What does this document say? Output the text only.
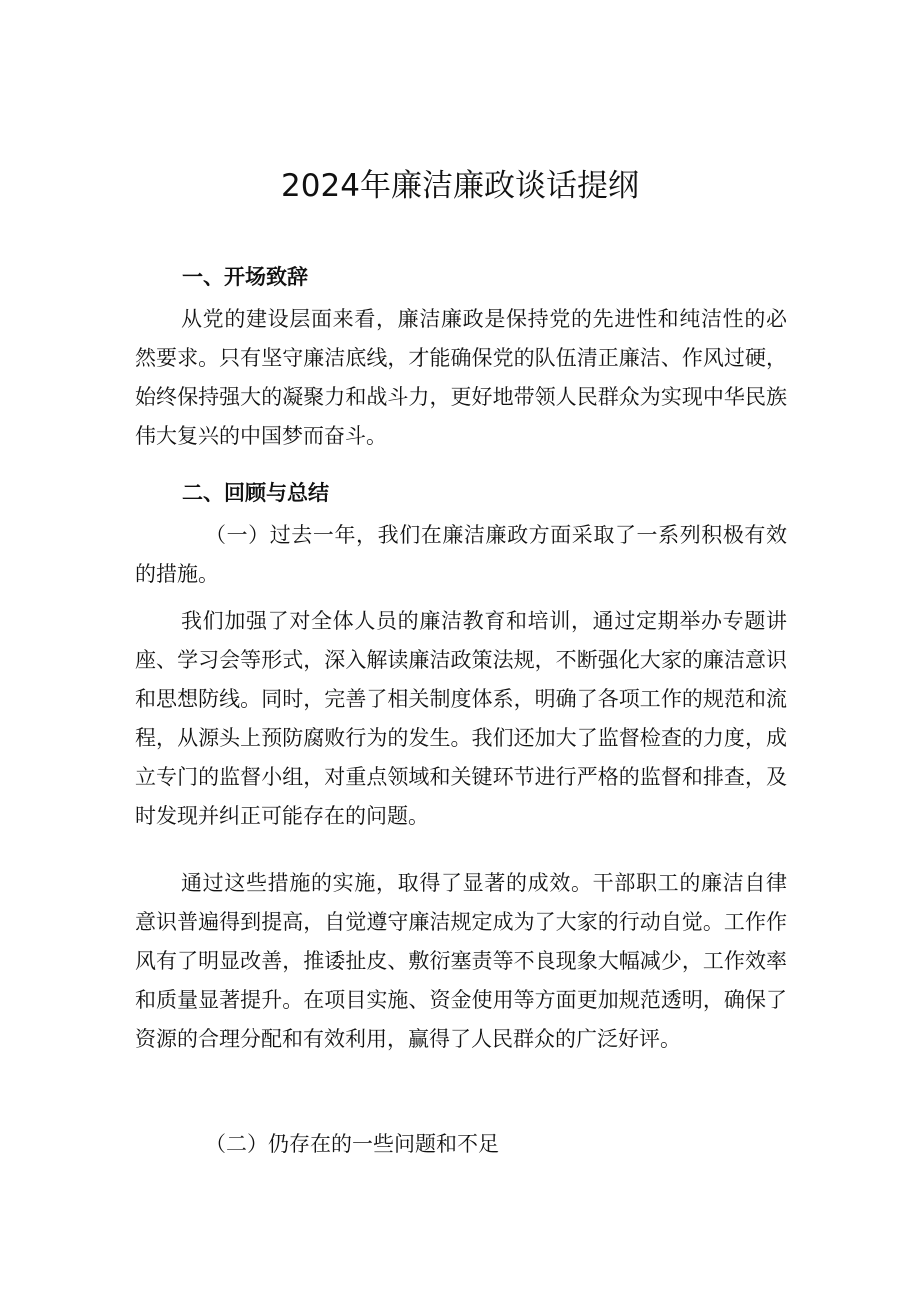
2024年廉洁廉政谈话提纲
一、开场致辞

从党的建设层面来看，廉洁廉政是保持党的先进性和纯洁性的必然要求。只有坚守廉洁底线，才能确保党的队伍清正廉洁、作风过硬，始终保持强大的凝聚力和战斗力，更好地带领人民群众为实现中华民族伟大复兴的中国梦而奋斗。

二、回顾与总结

（一）过去一年，我们在廉洁廉政方面采取了一系列积极有效的措施。

我们加强了对全体人员的廉洁教育和培训，通过定期举办专题讲座、学习会等形式，深入解读廉洁政策法规，不断强化大家的廉洁意识和思想防线。同时，完善了相关制度体系，明确了各项工作的规范和流程，从源头上预防腐败行为的发生。我们还加大了监督检查的力度，成立专门的监督小组，对重点领域和关键环节进行严格的监督和排查，及时发现并纠正可能存在的问题。

通过这些措施的实施，取得了显著的成效。干部职工的廉洁自律意识普遍得到提高，自觉遵守廉洁规定成为了大家的行动自觉。工作作风有了明显改善，推诿扯皮、敷衍塞责等不良现象大幅减少，工作效率和质量显著提升。在项目实施、资金使用等方面更加规范透明，确保了资源的合理分配和有效利用，赢得了人民群众的广泛好评。

（二）仍存在的一些问题和不足
